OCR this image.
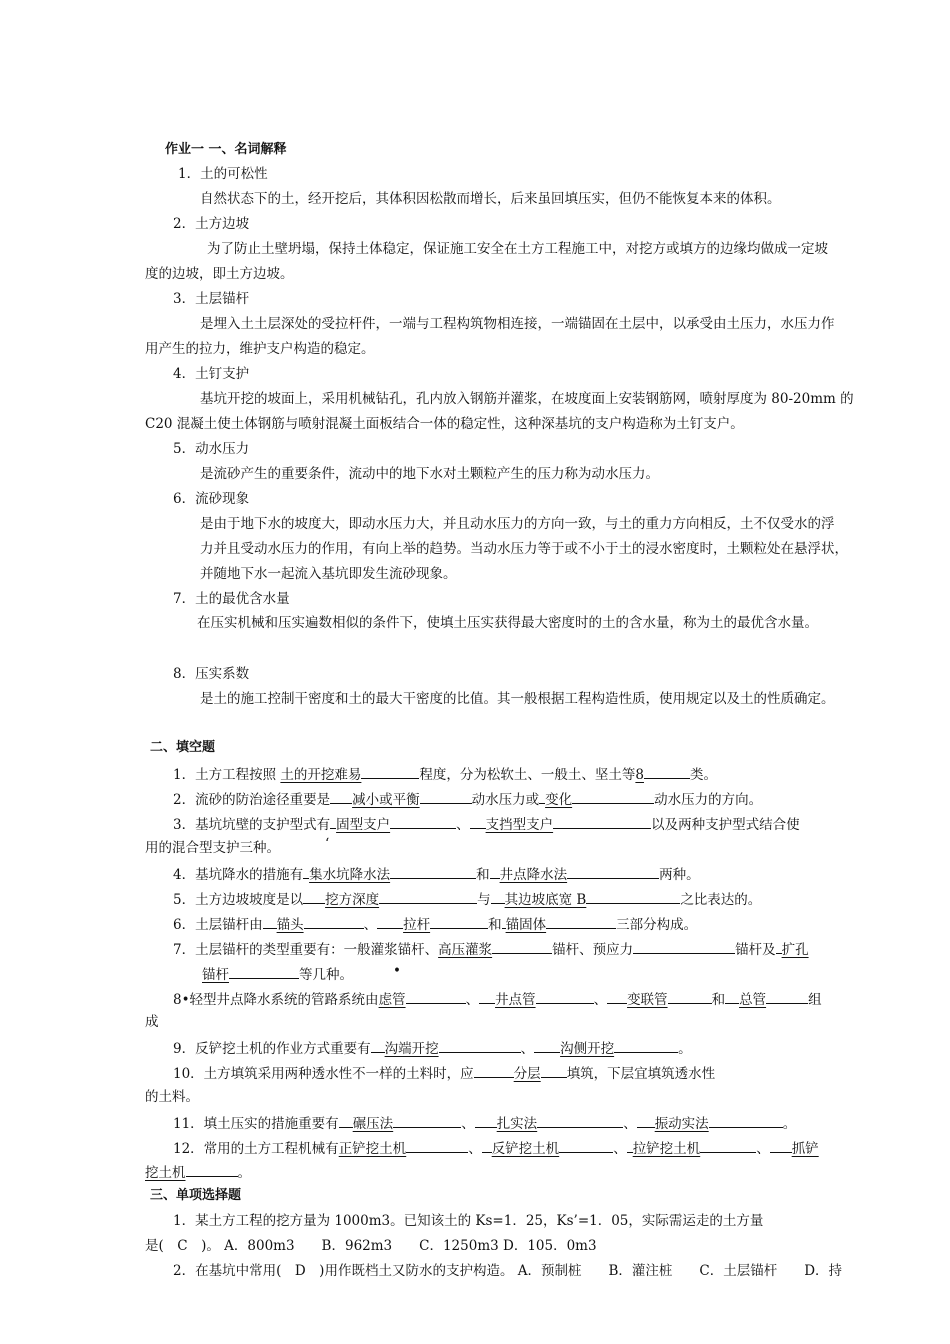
作业一 一、名词解释
1．土的可松性
自然状态下的土，经开挖后，其体积因松散而增长，后来虽回填压实，但仍不能恢复本来的体积。
2．土方边坡
为了防止土壁坍塌，保持土体稳定，保证施工安全在土方工程施工中，对挖方或填方的边缘均做成一定坡
度的边坡，即土方边坡。
3．土层锚杆
是埋入土土层深处的受拉杆件，一端与工程构筑物相连接，一端锚固在土层中，以承受由土压力，水压力作
用产生的拉力，维护支户构造的稳定。
4．土钉支护
基坑开挖的坡面上，采用机械钻孔，孔内放入钢筋并灌浆，在坡度面上安装钢筋网，喷射厚度为 80-20mm 的
C20 混凝土使土体钢筋与喷射混凝土面板结合一体的稳定性，这种深基坑的支户构造称为土钉支户。
5．动水压力
是流砂产生的重要条件，流动中的地下水对土颗粒产生的压力称为动水压力。
6．流砂现象
是由于地下水的坡度大，即动水压力大，并且动水压力的方向一致，与土的重力方向相反，土不仅受水的浮
力并且受动水压力的作用，有向上举的趋势。当动水压力等于或不小于土的浸水密度时，土颗粒处在悬浮状，
并随地下水一起流入基坑即发生流砂现象。
7．土的最优含水量
在压实机械和压实遍数相似的条件下，使填土压实获得最大密度时的土的含水量，称为土的最优含水量。
8．压实系数
是土的施工控制干密度和土的最大干密度的比值。其一般根据工程构造性质，使用规定以及土的性质确定。
二、填空题
1．土方工程按照 土的开挖难易	程度，分为松软土、一般土、坚土等8	类。
2．流砂的防治途径重要是 减小或平衡	动水压力或 变化	动水压力的方向。
3．基坑坑壁的支护型式有 固型支户	、 支挡型支户	以及两种支护型式结合使
用的混合型支护三种。	‘
4．基坑降水的措施有 集水坑降水法	和 井点降水法	两种。
5．土方边坡坡度是以 挖方深度	与 其边坡底宽 B	之比表达的。
6．土层锚杆由 锚头	、 拉杆	和 锚固体	三部分构成。
7．土层锚杆的类型重要有：一般灌浆锚杆、高压灌浆	锚杆、预应力	锚杆及 扩孔
锚杆	等几种。	•
8•轻型井点降水系统的管路系统由虑管	、 井点管	、 变联管	和 总管	组
成
9．反铲挖土机的作业方式重要有 沟端开挖	、 沟侧开挖	。
10．土方填筑采用两种透水性不一样的土料时，应	分层 填筑，下层宜填筑透水性
的土料。
11．填土压实的措施重要有 碾压法	、 扎实法	、 振动实法	。
12．常用的土方工程机械有正铲挖土机	、 反铲挖土机	、 拉铲挖土机	、 抓铲
挖土机	。
三、单项选择题
1．某土方工程的挖方量为 1000m3。已知该土的 Ks=1．25，Ks’=1．05，实际需运走的土方量
是(　C　)。 A．800m3　　B．962m3　　C．1250m3 D．105．0m3
2．在基坑中常用(　D　)用作既档土又防水的支护构造。 A．预制桩　　B．灌注桩　　C．土层锚杆　　D．持
